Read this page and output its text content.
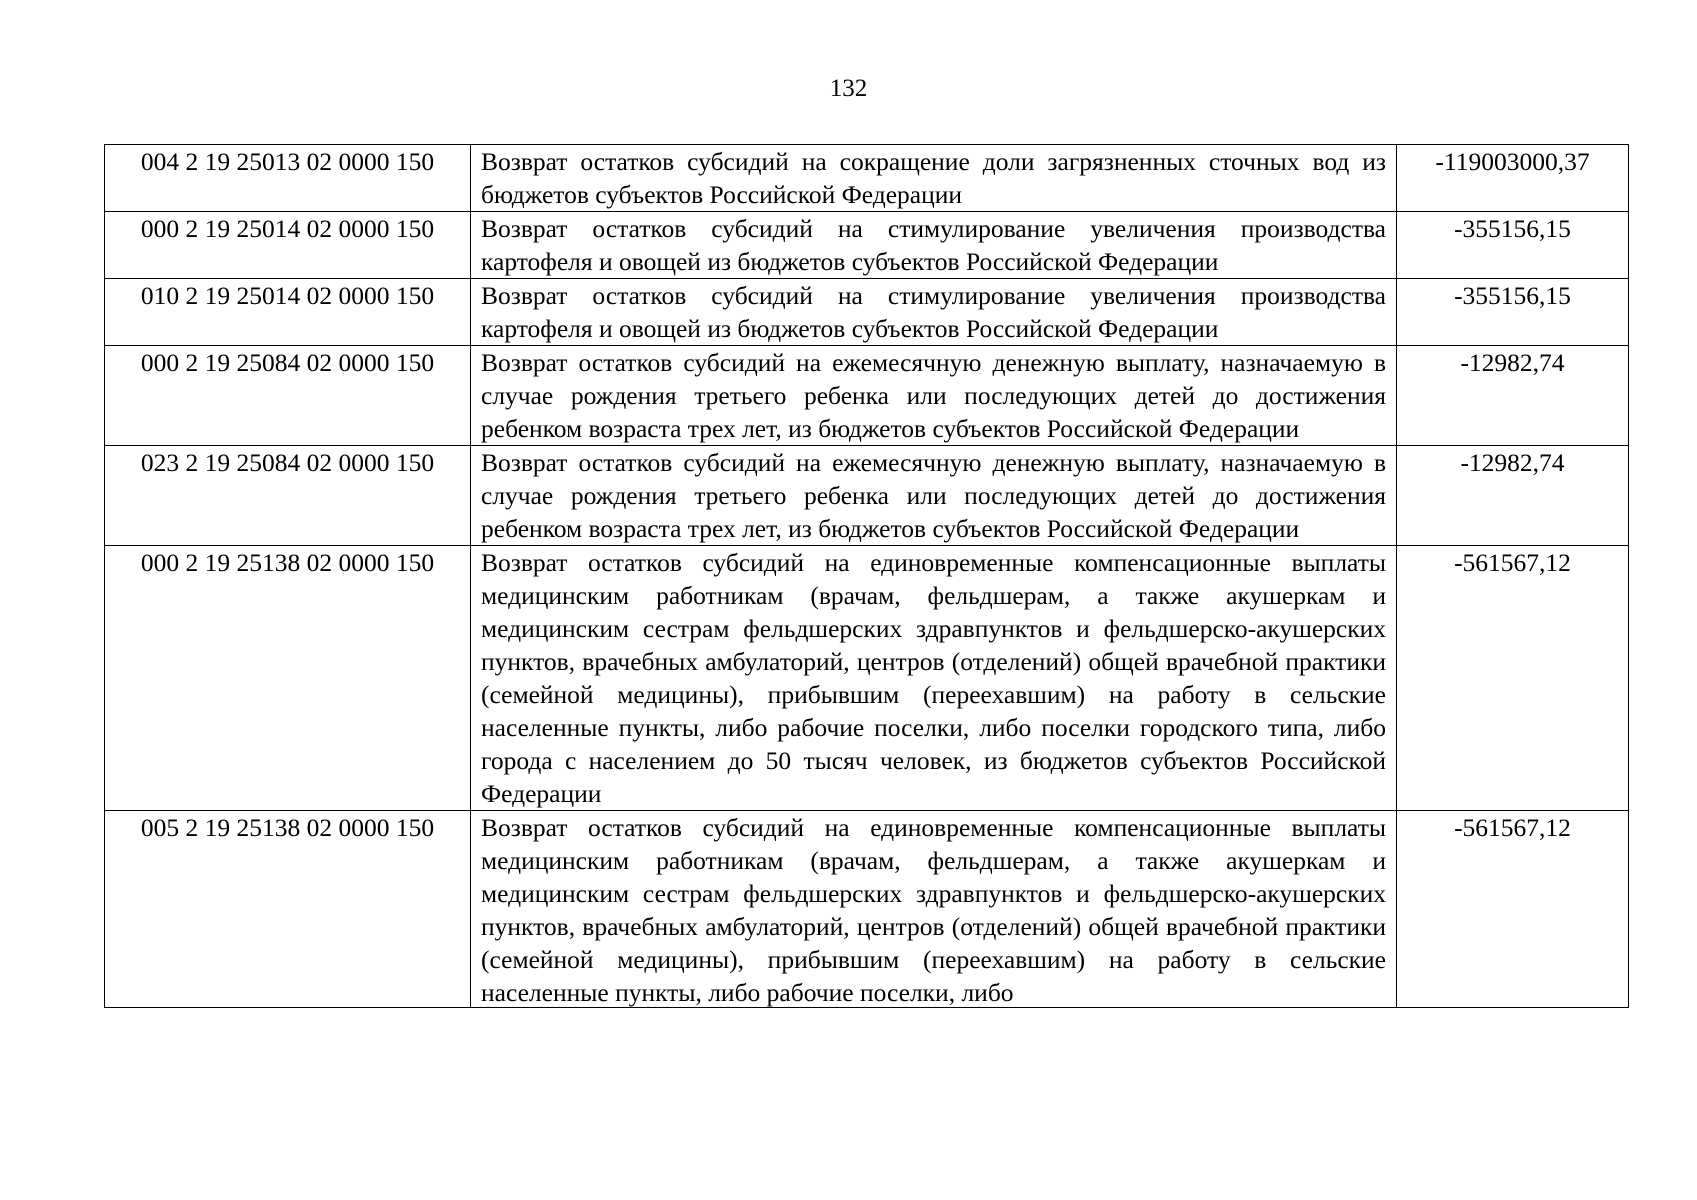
132
004 2 19 25013 02 0000 150	Возврат остатков субсидий на сокращение доли загрязненных сточных вод из бюджетов субъектов Российской Федерации	-119003000,37
000 2 19 25014 02 0000 150	Возврат остатков субсидий на стимулирование увеличения производства картофеля и овощей из бюджетов субъектов Российской Федерации	-355156,15
010 2 19 25014 02 0000 150	Возврат остатков субсидий на стимулирование увеличения производства картофеля и овощей из бюджетов субъектов Российской Федерации	-355156,15
000 2 19 25084 02 0000 150	Возврат остатков субсидий на ежемесячную денежную выплату, назначаемую в случае рождения третьего ребенка или последующих детей до достижения ребенком возраста трех лет, из бюджетов субъектов Российской Федерации	-12982,74
023 2 19 25084 02 0000 150	Возврат остатков субсидий на ежемесячную денежную выплату, назначаемую в случае рождения третьего ребенка или последующих детей до достижения ребенком возраста трех лет, из бюджетов субъектов Российской Федерации	-12982,74
000 2 19 25138 02 0000 150	Возврат остатков субсидий на единовременные компенсационные выплаты медицинским работникам (врачам, фельдшерам, а также акушеркам и медицинским сестрам фельдшерских здравпунктов и фельдшерско-акушерских пунктов, врачебных амбулаторий, центров (отделений) общей врачебной практики (семейной медицины), прибывшим (переехавшим) на работу в сельские населенные пункты, либо рабочие поселки, либо поселки городского типа, либо города с населением до 50 тысяч человек, из бюджетов субъектов Российской Федерации	-561567,12
005 2 19 25138 02 0000 150	Возврат остатков субсидий на единовременные компенсационные выплаты медицинским работникам (врачам, фельдшерам, а также акушеркам и медицинским сестрам фельдшерских здравпунктов и фельдшерско-акушерских пунктов, врачебных амбулаторий, центров (отделений) общей врачебной практики (семейной медицины), прибывшим (переехавшим) на работу в сельские населенные пункты, либо рабочие поселки, либо	-561567,12
